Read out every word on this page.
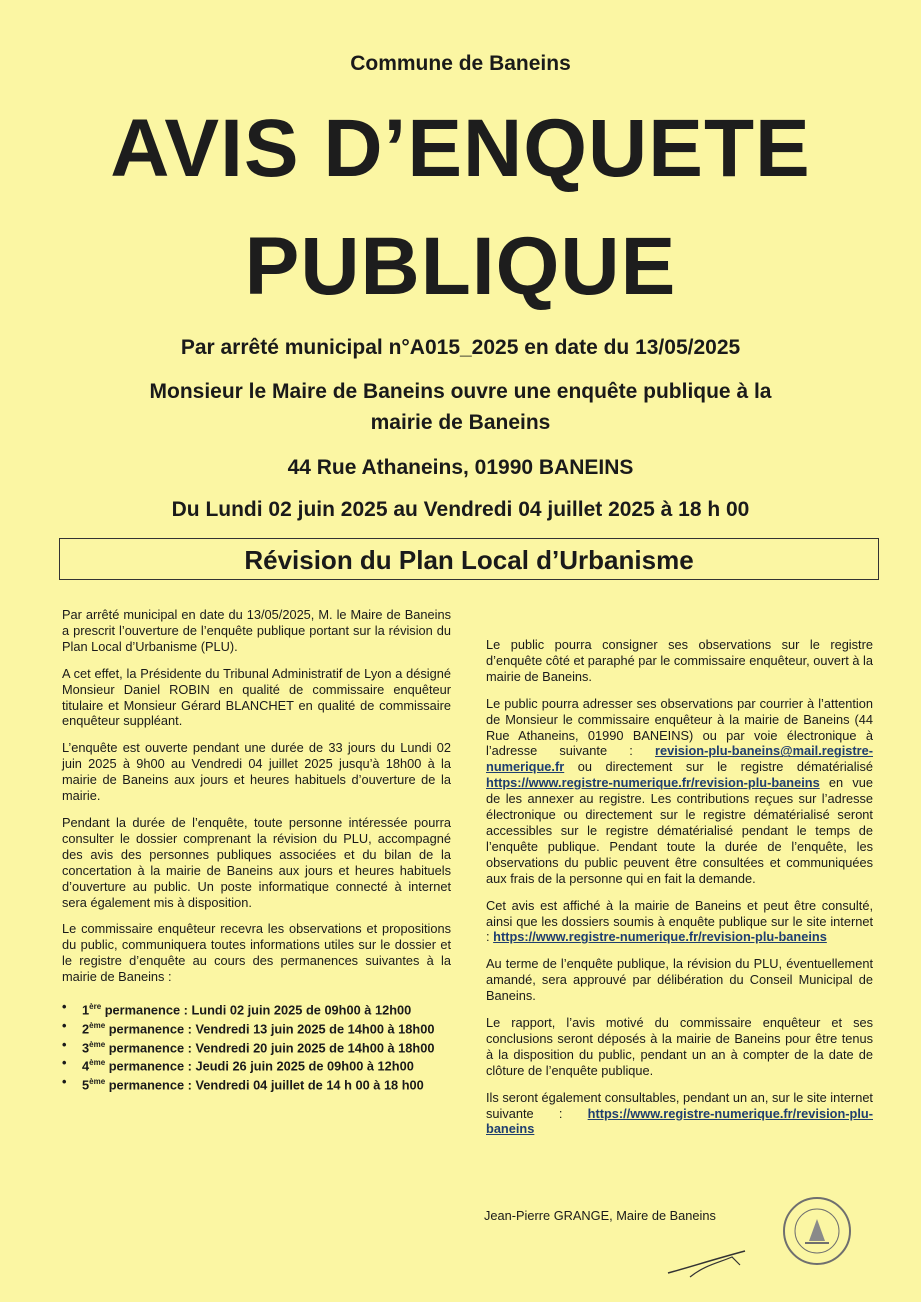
Commune de Baneins
AVIS D’ENQUETE
PUBLIQUE
Par arrêté municipal n°A015_2025 en date du 13/05/2025
Monsieur le Maire de Baneins ouvre une enquête publique à la
mairie de Baneins
44 Rue Athaneins, 01990 BANEINS
Du Lundi 02 juin 2025 au Vendredi 04 juillet 2025 à 18 h 00
Révision du Plan Local d’Urbanisme

Par arrêté municipal en date du 13/05/2025, M. le Maire de Baneins a prescrit l’ouverture de l’enquête publique portant sur la révision du Plan Local d’Urbanisme (PLU).

A cet effet, la Présidente du Tribunal Administratif de Lyon a désigné Monsieur Daniel ROBIN en qualité de commissaire enquêteur titulaire et Monsieur Gérard BLANCHET en qualité de commissaire enquêteur suppléant.

L’enquête est ouverte pendant une durée de 33 jours du Lundi 02 juin 2025 à 9h00 au Vendredi 04 juillet 2025 jusqu’à 18h00 à la mairie de Baneins aux jours et heures habituels d’ouverture de la mairie.

Pendant la durée de l’enquête, toute personne intéressée pourra consulter le dossier comprenant la révision du PLU, accompagné des avis des personnes publiques associées et du bilan de la concertation à la mairie de Baneins aux jours et heures habituels d’ouverture au public. Un poste informatique connecté à internet sera également mis à disposition.

Le commissaire enquêteur recevra les observations et propositions du public, communiquera toutes informations utiles sur le dossier et le registre d’enquête au cours des permanences suivantes à la mairie de Baneins :

• 1ère permanence : Lundi 02 juin 2025 de 09h00 à 12h00
• 2ème permanence : Vendredi 13 juin 2025 de 14h00 à 18h00
• 3ème permanence : Vendredi 20 juin 2025 de 14h00 à 18h00
• 4ème permanence : Jeudi 26 juin 2025 de 09h00 à 12h00
• 5ème permanence : Vendredi 04 juillet de 14 h 00 à 18 h00

Le public pourra consigner ses observations sur le registre d’enquête côté et paraphé par le commissaire enquêteur, ouvert à la mairie de Baneins.

Le public pourra adresser ses observations par courrier à l’attention de Monsieur le commissaire enquêteur à la mairie de Baneins (44 Rue Athaneins, 01990 BANEINS) ou par voie électronique à l’adresse suivante : revision-plu-baneins@mail.registre-numerique.fr ou directement sur le registre dématérialisé https://www.registre-numerique.fr/revision-plu-baneins en vue de les annexer au registre. Les contributions reçues sur l’adresse électronique ou directement sur le registre dématérialisé seront accessibles sur le registre dématérialisé pendant le temps de l’enquête publique. Pendant toute la durée de l’enquête, les observations du public peuvent être consultées et communiquées aux frais de la personne qui en fait la demande.

Cet avis est affiché à la mairie de Baneins et peut être consulté, ainsi que les dossiers soumis à enquête publique sur le site internet : https://www.registre-numerique.fr/revision-plu-baneins

Au terme de l’enquête publique, la révision du PLU, éventuellement amandé, sera approuvé par délibération du Conseil Municipal de Baneins.

Le rapport, l’avis motivé du commissaire enquêteur et ses conclusions seront déposés à la mairie de Baneins pour être tenus à la disposition du public, pendant un an à compter de la date de clôture de l’enquête publique.

Ils seront également consultables, pendant un an, sur le site internet suivante : https://www.registre-numerique.fr/revision-plu-baneins

Jean-Pierre GRANGE, Maire de Baneins
